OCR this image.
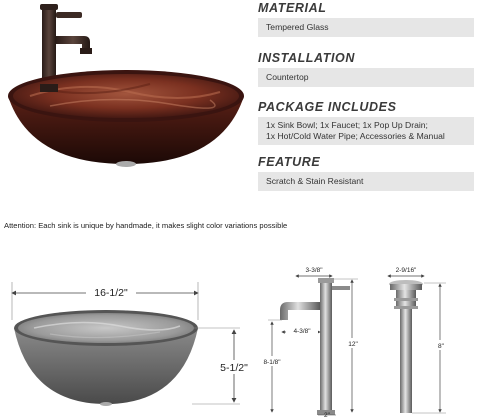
MATERIAL
Tempered Glass
INSTALLATION
Countertop
PACKAGE INCLUDES
1x Sink Bowl; 1x Faucet; 1x Pop Up Drain;
1x Hot/Cold Water Pipe; Accessories & Manual
FEATURE
Scratch & Stain Resistant
Attention: Each sink is unique by handmade, it makes slight color variations possible
16-1/2"
5-1/2"
3-3/8"
4-3/8"
8-1/8"
12"
2"
2-9/16"
8"
